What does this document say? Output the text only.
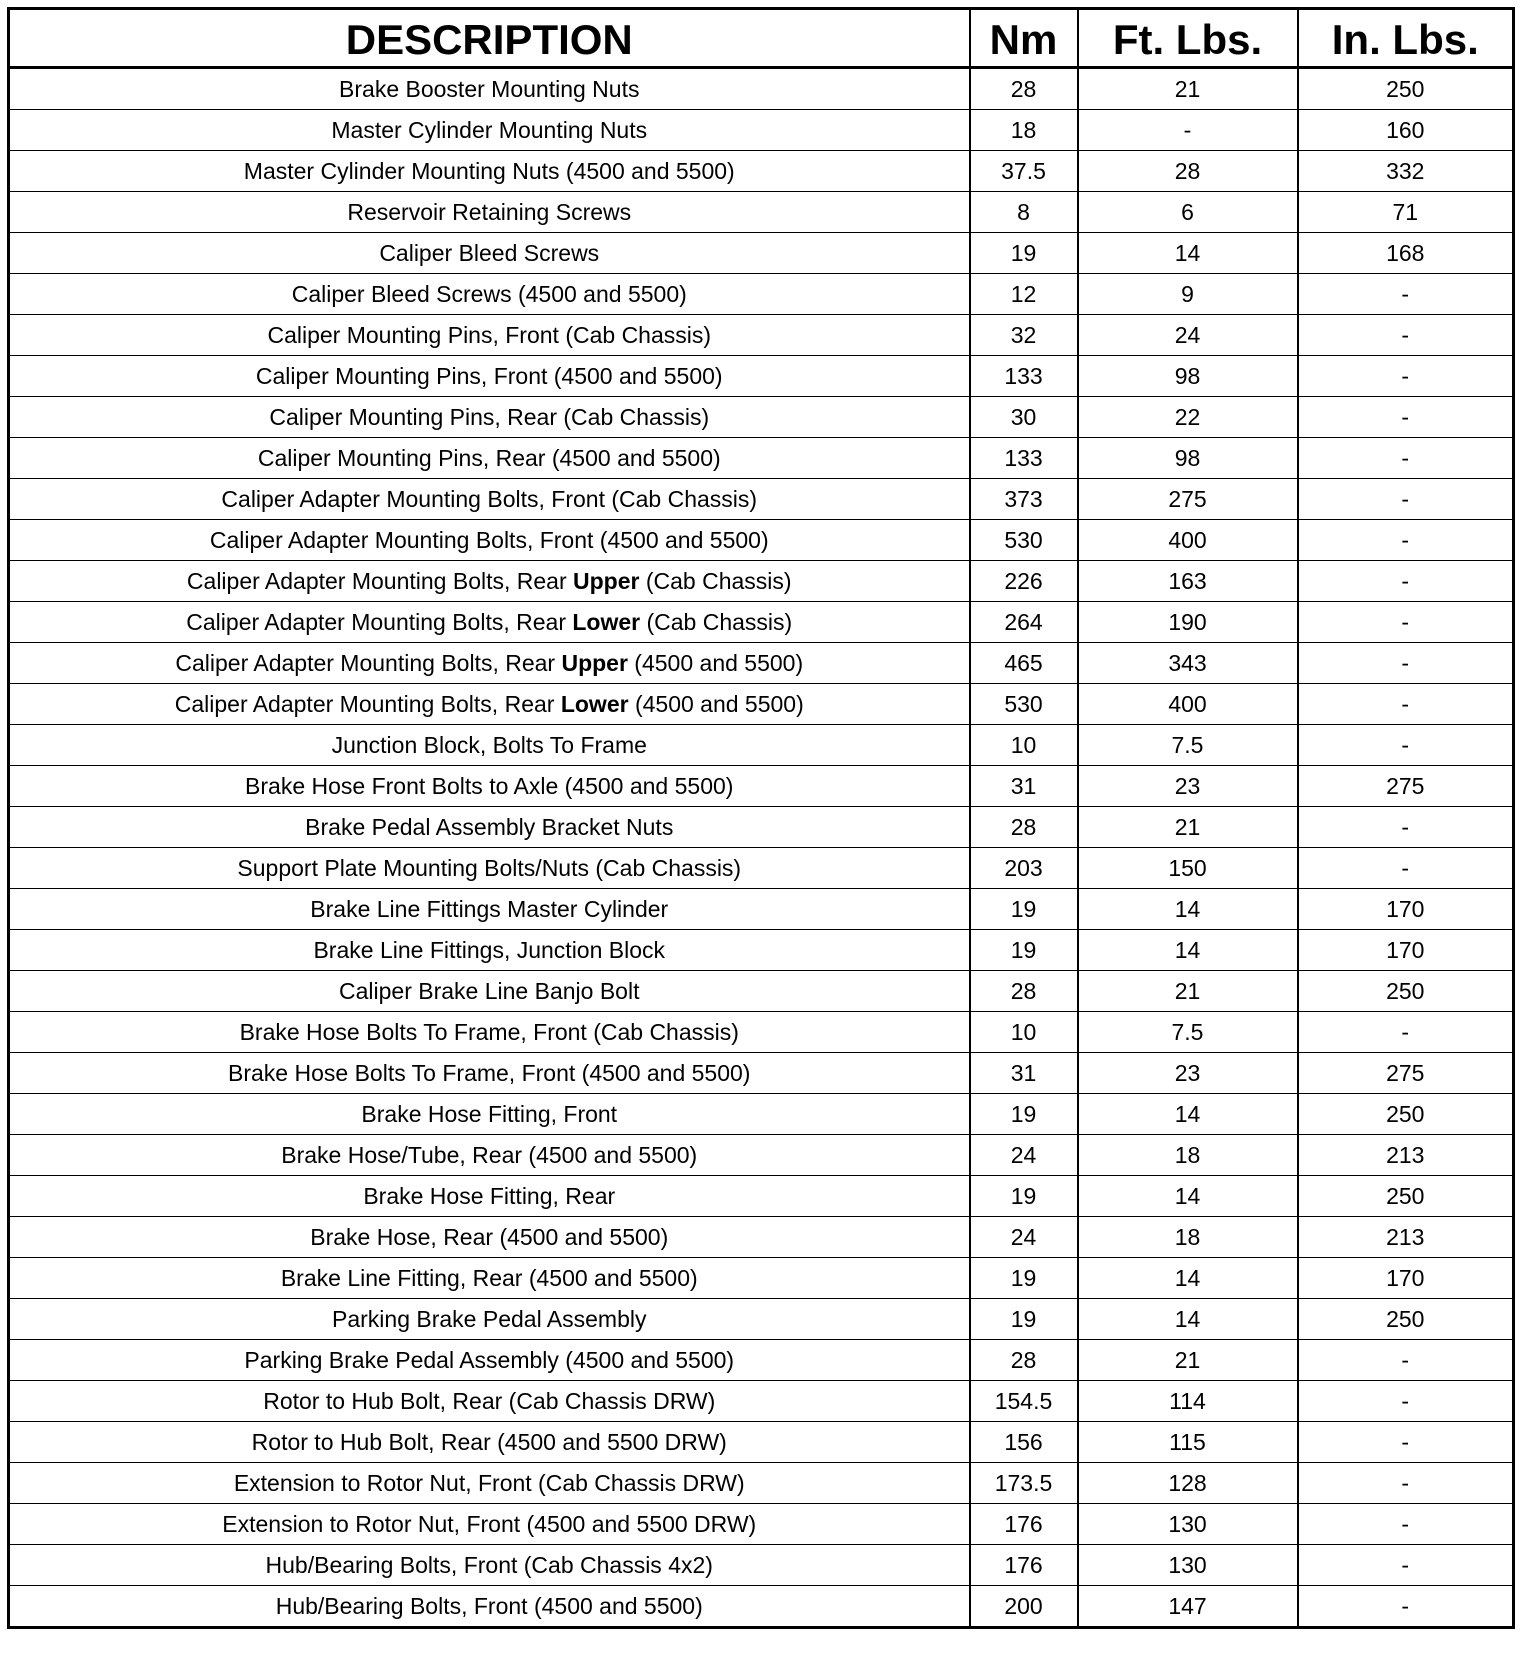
DESCRIPTION	Nm	Ft. Lbs.	In. Lbs.
Brake Booster Mounting Nuts	28	21	250
Master Cylinder Mounting Nuts	18	-	160
Master Cylinder Mounting Nuts (4500 and 5500)	37.5	28	332
Reservoir Retaining Screws	8	6	71
Caliper Bleed Screws	19	14	168
Caliper Bleed Screws (4500 and 5500)	12	9	-
Caliper Mounting Pins, Front (Cab Chassis)	32	24	-
Caliper Mounting Pins, Front (4500 and 5500)	133	98	-
Caliper Mounting Pins, Rear (Cab Chassis)	30	22	-
Caliper Mounting Pins, Rear (4500 and 5500)	133	98	-
Caliper Adapter Mounting Bolts, Front (Cab Chassis)	373	275	-
Caliper Adapter Mounting Bolts, Front (4500 and 5500)	530	400	-
Caliper Adapter Mounting Bolts, Rear Upper (Cab Chassis)	226	163	-
Caliper Adapter Mounting Bolts, Rear Lower (Cab Chassis)	264	190	-
Caliper Adapter Mounting Bolts, Rear Upper (4500 and 5500)	465	343	-
Caliper Adapter Mounting Bolts, Rear Lower (4500 and 5500)	530	400	-
Junction Block, Bolts To Frame	10	7.5	-
Brake Hose Front Bolts to Axle (4500 and 5500)	31	23	275
Brake Pedal Assembly Bracket Nuts	28	21	-
Support Plate Mounting Bolts/Nuts (Cab Chassis)	203	150	-
Brake Line Fittings Master Cylinder	19	14	170
Brake Line Fittings, Junction Block	19	14	170
Caliper Brake Line Banjo Bolt	28	21	250
Brake Hose Bolts To Frame, Front (Cab Chassis)	10	7.5	-
Brake Hose Bolts To Frame, Front (4500 and 5500)	31	23	275
Brake Hose Fitting, Front	19	14	250
Brake Hose/Tube, Rear (4500 and 5500)	24	18	213
Brake Hose Fitting, Rear	19	14	250
Brake Hose, Rear (4500 and 5500)	24	18	213
Brake Line Fitting, Rear (4500 and 5500)	19	14	170
Parking Brake Pedal Assembly	19	14	250
Parking Brake Pedal Assembly (4500 and 5500)	28	21	-
Rotor to Hub Bolt, Rear (Cab Chassis DRW)	154.5	114	-
Rotor to Hub Bolt, Rear (4500 and 5500 DRW)	156	115	-
Extension to Rotor Nut, Front (Cab Chassis DRW)	173.5	128	-
Extension to Rotor Nut, Front (4500 and 5500 DRW)	176	130	-
Hub/Bearing Bolts, Front (Cab Chassis 4x2)	176	130	-
Hub/Bearing Bolts, Front (4500 and 5500)	200	147	-
